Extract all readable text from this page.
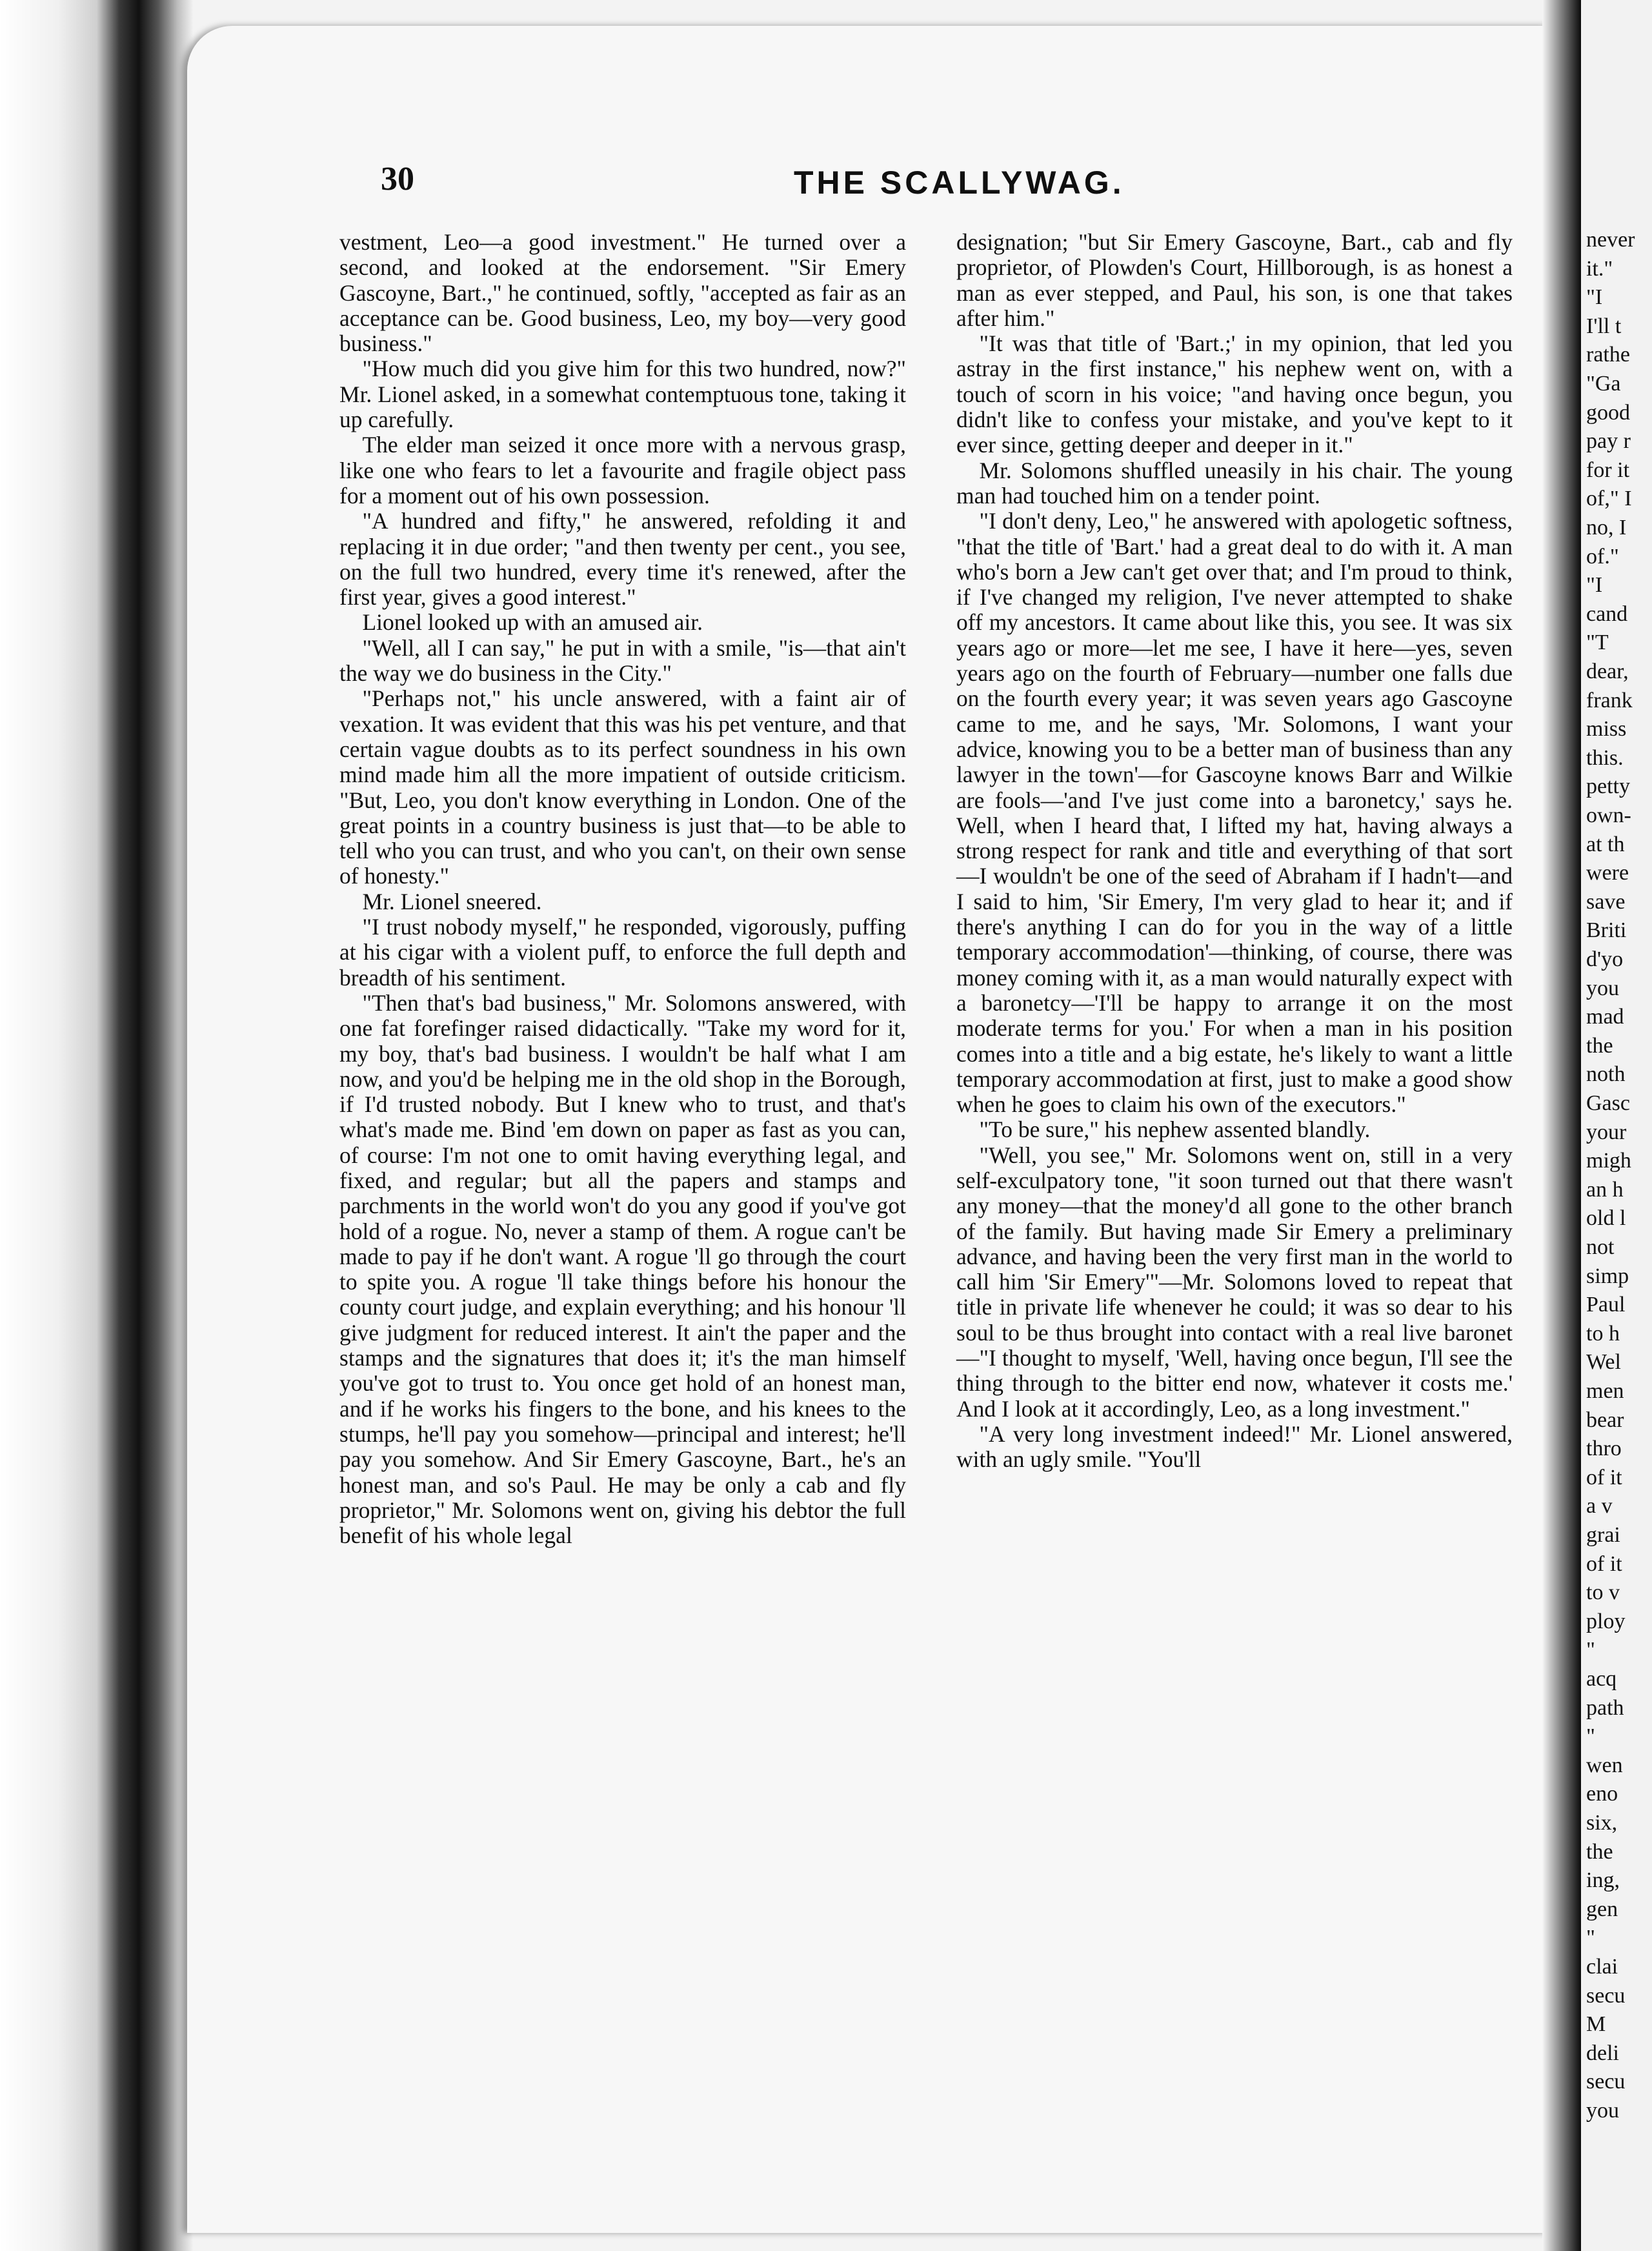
never
it."
"I
I'll t
rathe
"Ga
good
pay r
for it
of," I
no, I
of."
"I
cand
"T
dear,
frank
miss
this.
petty
own-
at th
were
save
Briti
d'yo
you
mad
the
noth
Gasc
your
migh
an h
old l
not
simp
Paul
to h
Wel
men
bear
thro
of it
a v
grai
of it
to v
ploy
"
acq
path
"
wen
eno
six,
the
ing,
gen
"
clai
secu
M
deli
secu
you
30	THE SCALLYWAG.

vestment, Leo—a good investment." He turned over a second, and looked at the endorsement. "Sir Emery Gascoyne, Bart.," he continued, softly, "accepted as fair as an acceptance can be. Good business, Leo, my boy—very good business."

"How much did you give him for this two hundred, now?" Mr. Lionel asked, in a somewhat contemptuous tone, taking it up carefully.

The elder man seized it once more with a nervous grasp, like one who fears to let a favourite and fragile object pass for a moment out of his own possession.

"A hundred and fifty," he answered, refolding it and replacing it in due order; "and then twenty per cent., you see, on the full two hundred, every time it's renewed, after the first year, gives a good interest."

Lionel looked up with an amused air.

"Well, all I can say," he put in with a smile, "is—that ain't the way we do business in the City."

"Perhaps not," his uncle answered, with a faint air of vexation. It was evident that this was his pet venture, and that certain vague doubts as to its perfect soundness in his own mind made him all the more impatient of outside criticism. "But, Leo, you don't know everything in London. One of the great points in a country business is just that—to be able to tell who you can trust, and who you can't, on their own sense of honesty."

Mr. Lionel sneered.

"I trust nobody myself," he responded, vigorously, puffing at his cigar with a violent puff, to enforce the full depth and breadth of his sentiment.

"Then that's bad business," Mr. Solomons answered, with one fat forefinger raised didactically. "Take my word for it, my boy, that's bad business. I wouldn't be half what I am now, and you'd be helping me in the old shop in the Borough, if I'd trusted nobody. But I knew who to trust, and that's what's made me. Bind 'em down on paper as fast as you can, of course: I'm not one to omit having everything legal, and fixed, and regular; but all the papers and stamps and parchments in the world won't do you any good if you've got hold of a rogue. No, never a stamp of them. A rogue can't be made to pay if he don't want. A rogue 'll go through the court to spite you. A rogue 'll take things before his honour the county court judge, and explain everything; and his honour 'll give judgment for reduced interest. It ain't the paper and the stamps and the signatures that does it; it's the man himself you've got to trust to. You once get hold of an honest man, and if he works his fingers to the bone, and his knees to the stumps, he'll pay you somehow—principal and interest; he'll pay you somehow. And Sir Emery Gascoyne, Bart., he's an honest man, and so's Paul. He may be only a cab and fly proprietor," Mr. Solomons went on, giving his debtor the full benefit of his whole legal

designation; "but Sir Emery Gascoyne, Bart., cab and fly proprietor, of Plowden's Court, Hillborough, is as honest a man as ever stepped, and Paul, his son, is one that takes after him."

"It was that title of 'Bart.;' in my opinion, that led you astray in the first instance," his nephew went on, with a touch of scorn in his voice; "and having once begun, you didn't like to confess your mistake, and you've kept to it ever since, getting deeper and deeper in it."

Mr. Solomons shuffled uneasily in his chair. The young man had touched him on a tender point.

"I don't deny, Leo," he answered with apologetic softness, "that the title of 'Bart.' had a great deal to do with it. A man who's born a Jew can't get over that; and I'm proud to think, if I've changed my religion, I've never attempted to shake off my ancestors. It came about like this, you see. It was six years ago or more—let me see, I have it here—yes, seven years ago on the fourth of February—number one falls due on the fourth every year; it was seven years ago Gascoyne came to me, and he says, 'Mr. Solomons, I want your advice, knowing you to be a better man of business than any lawyer in the town'—for Gascoyne knows Barr and Wilkie are fools—'and I've just come into a baronetcy,' says he. Well, when I heard that, I lifted my hat, having always a strong respect for rank and title and everything of that sort—I wouldn't be one of the seed of Abraham if I hadn't—and I said to him, 'Sir Emery, I'm very glad to hear it; and if there's anything I can do for you in the way of a little temporary accommodation'—thinking, of course, there was money coming with it, as a man would naturally expect with a baronetcy—'I'll be happy to arrange it on the most moderate terms for you.' For when a man in his position comes into a title and a big estate, he's likely to want a little temporary accommodation at first, just to make a good show when he goes to claim his own of the executors."

"To be sure," his nephew assented blandly.

"Well, you see," Mr. Solomons went on, still in a very self-exculpatory tone, "it soon turned out that there wasn't any money—that the money'd all gone to the other branch of the family. But having made Sir Emery a preliminary advance, and having been the very first man in the world to call him 'Sir Emery'"—Mr. Solomons loved to repeat that title in private life whenever he could; it was so dear to his soul to be thus brought into contact with a real live baronet—"I thought to myself, 'Well, having once begun, I'll see the thing through to the bitter end now, whatever it costs me.' And I look at it accordingly, Leo, as a long investment."

"A very long investment indeed!" Mr. Lionel answered, with an ugly smile. "You'll
